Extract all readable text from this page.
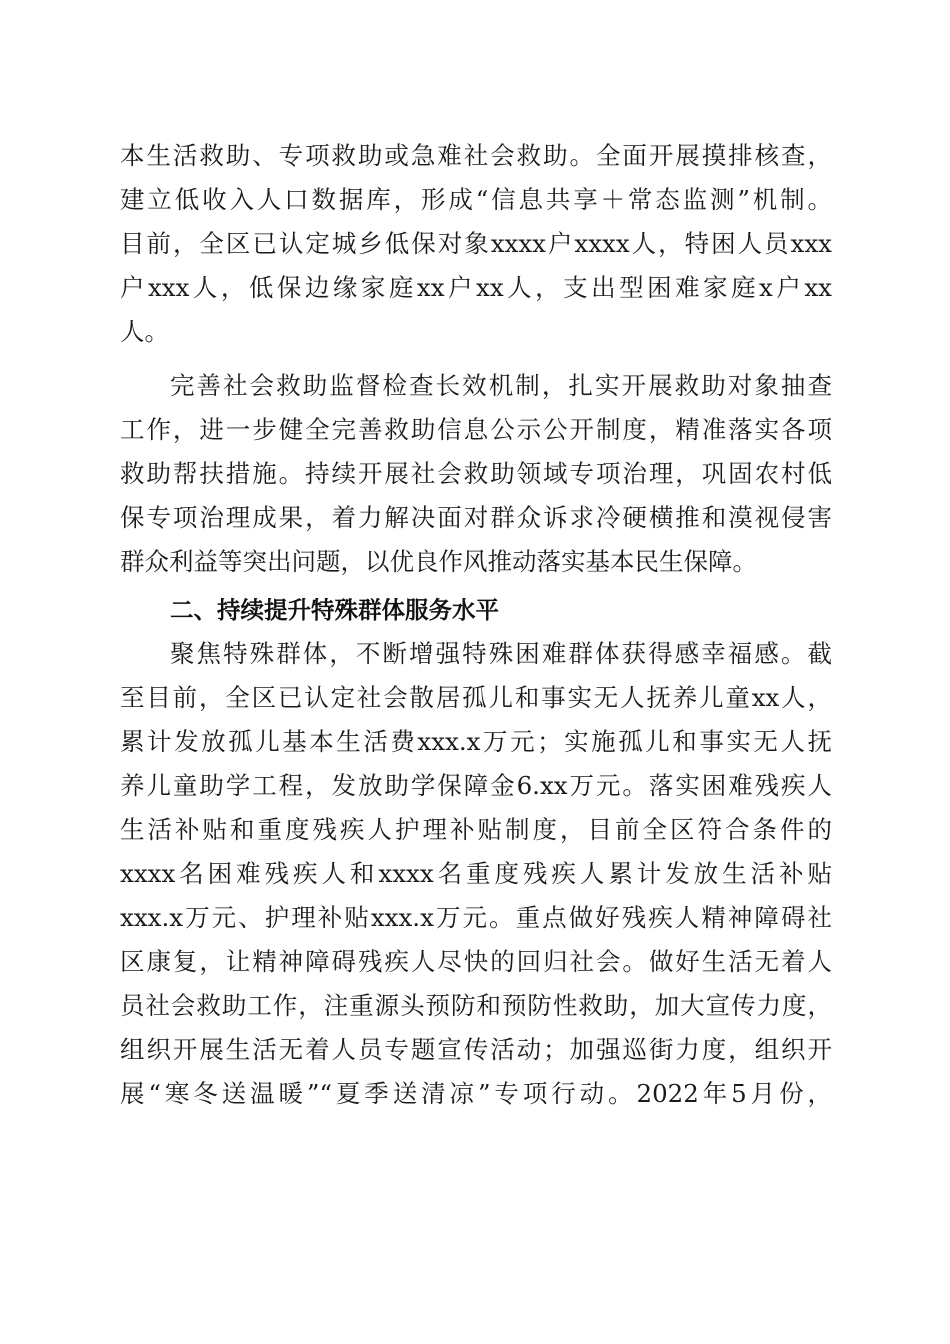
本生活救助、专项救助或急难社会救助。全面开展摸排核查，
建立低收入人口数据库，形成“信息共享＋常态监测”机制。
目前，全区已认定城乡低保对象xxxx户xxxx人，特困人员xxx
户xxx人，低保边缘家庭xx户xx人，支出型困难家庭x户xx
人。
完善社会救助监督检查长效机制，扎实开展救助对象抽查
工作，进一步健全完善救助信息公示公开制度，精准落实各项
救助帮扶措施。持续开展社会救助领域专项治理，巩固农村低
保专项治理成果，着力解决面对群众诉求冷硬横推和漠视侵害
群众利益等突出问题，以优良作风推动落实基本民生保障。
二、持续提升特殊群体服务水平
聚焦特殊群体，不断增强特殊困难群体获得感幸福感。截
至目前，全区已认定社会散居孤儿和事实无人抚养儿童xx人，
累计发放孤儿基本生活费xxx.x万元；实施孤儿和事实无人抚
养儿童助学工程，发放助学保障金6.xx万元。落实困难残疾人
生活补贴和重度残疾人护理补贴制度，目前全区符合条件的
xxxx名困难残疾人和xxxx名重度残疾人累计发放生活补贴
xxx.x万元、护理补贴xxx.x万元。重点做好残疾人精神障碍社
区康复，让精神障碍残疾人尽快的回归社会。做好生活无着人
员社会救助工作，注重源头预防和预防性救助，加大宣传力度，
组织开展生活无着人员专题宣传活动；加强巡街力度，组织开
展“寒冬送温暖”“夏季送清凉”专项行动。2022年5月份，
